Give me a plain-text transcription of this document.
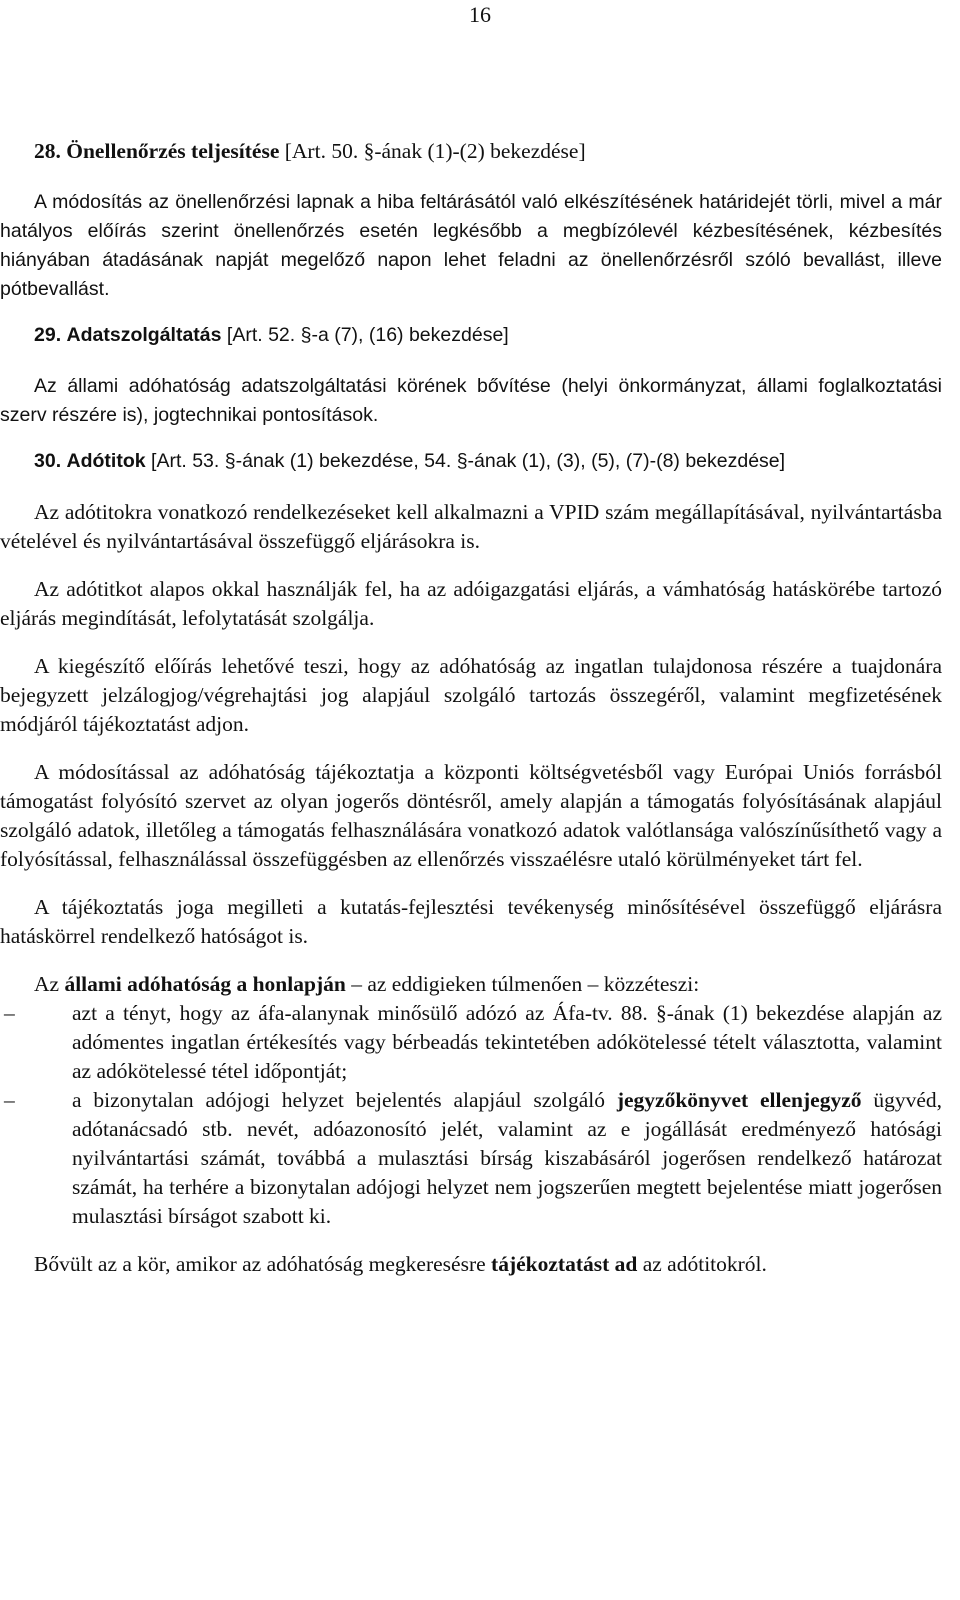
16

28. Önellenőrzés teljesítése [Art. 50. §-ának (1)-(2) bekezdése]

A módosítás az önellenőrzési lapnak a hiba feltárásától való elkészítésének határidejét törli, mivel a már hatályos előírás szerint önellenőrzés esetén legkésőbb a megbízólevél kézbesítésének, kézbesítés hiányában átadásának napját megelőző napon lehet feladni az önellenőrzésről szóló bevallást, illeve pótbevallást.

29. Adatszolgáltatás [Art. 52. §-a (7), (16) bekezdése]

Az állami adóhatóság adatszolgáltatási körének bővítése (helyi önkormányzat, állami foglalkoztatási szerv részére is), jogtechnikai pontosítások.

30. Adótitok [Art. 53. §-ának (1) bekezdése, 54. §-ának (1), (3), (5), (7)-(8) bekezdése]

Az adótitokra vonatkozó rendelkezéseket kell alkalmazni a VPID szám megállapításával, nyilvántartásba vételével és nyilvántartásával összefüggő eljárásokra is.

Az adótitkot alapos okkal használják fel, ha az adóigazgatási eljárás, a vámhatóság hatáskörébe tartozó eljárás megindítását, lefolytatását szolgálja.

A kiegészítő előírás lehetővé teszi, hogy az adóhatóság az ingatlan tulajdonosa részére a tuajdonára bejegyzett jelzálogjog/végrehajtási jog alapjául szolgáló tartozás összegéről, valamint megfizetésének módjáról tájékoztatást adjon.

A módosítással az adóhatóság tájékoztatja a központi költségvetésből vagy Európai Uniós forrásból támogatást folyósító szervet az olyan jogerős döntésről, amely alapján a támogatás folyósításának alapjául szolgáló adatok, illetőleg a támogatás felhasználására vonatkozó adatok valótlansága valószínűsíthető vagy a folyósítással, felhasználással összefüggésben az ellenőrzés visszaélésre utaló körülményeket tárt fel.

A tájékoztatás joga megilleti a kutatás-fejlesztési tevékenység minősítésével összefüggő eljárásra hatáskörrel rendelkező hatóságot is.

Az állami adóhatóság a honlapján – az eddigieken túlmenően – közzéteszi:

–	azt a tényt, hogy az áfa-alanynak minősülő adózó az Áfa-tv. 88. §-ának (1) bekezdése alapján az adómentes ingatlan értékesítés vagy bérbeadás tekintetében adókötelessé tételt választotta, valamint az adókötelessé tétel időpontját;

–	a bizonytalan adójogi helyzet bejelentés alapjául szolgáló jegyzőkönyvet ellenjegyző ügyvéd, adótanácsadó stb. nevét, adóazonosító jelét, valamint az e jogállását eredményező hatósági nyilvántartási számát, továbbá a mulasztási bírság kiszabásáról jogerősen rendelkező határozat számát, ha terhére a bizonytalan adójogi helyzet nem jogszerűen megtett bejelentése miatt jogerősen mulasztási bírságot szabott ki.

Bővült az a kör, amikor az adóhatóság megkeresésre tájékoztatást ad az adótitokról.
